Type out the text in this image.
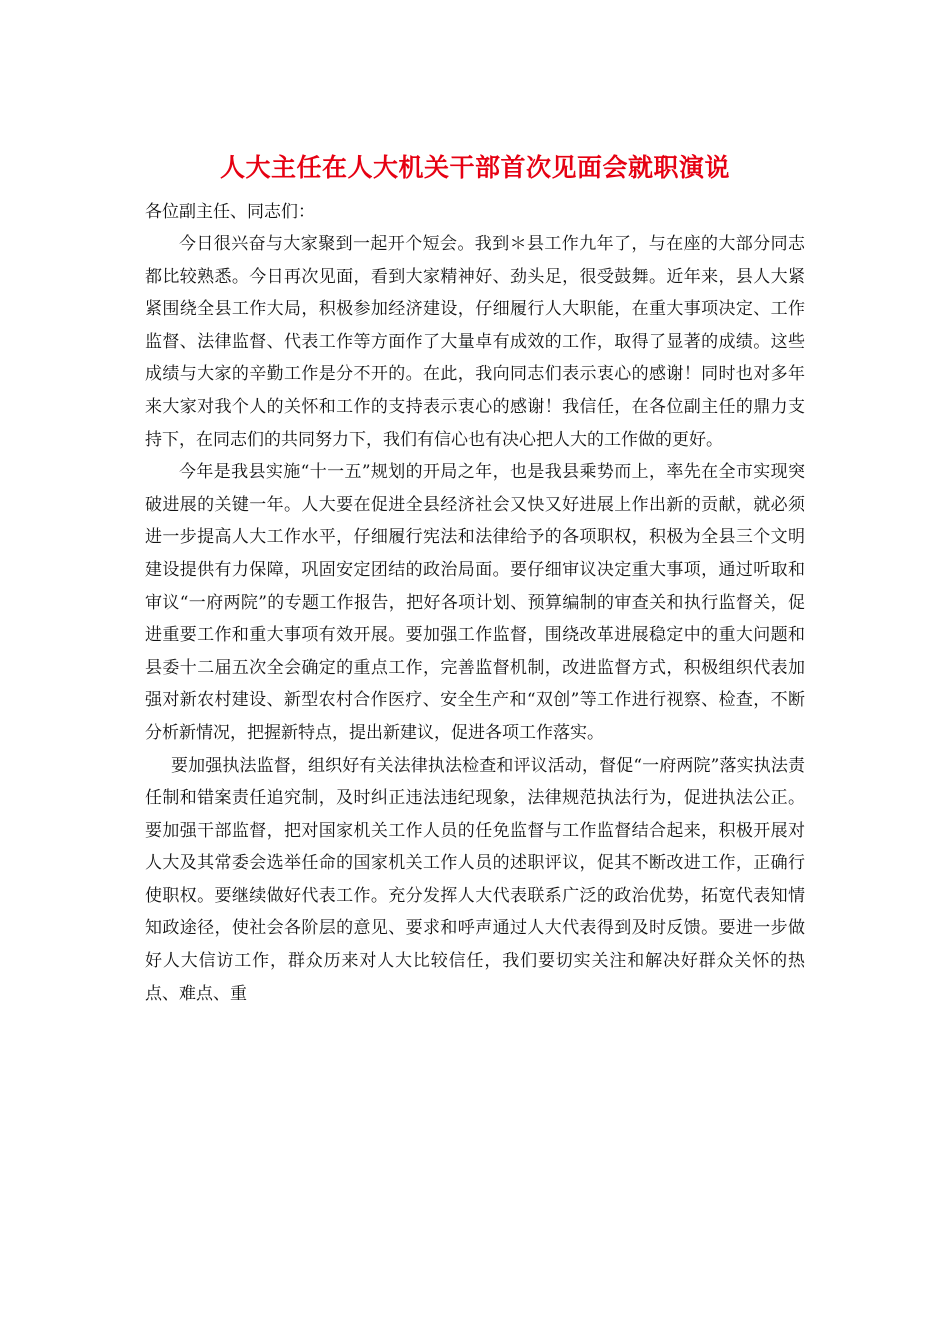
人大主任在人大机关干部首次见面会就职演说

各位副主任、同志们：

今日很兴奋与大家聚到一起开个短会。我到＊县工作九年了，与在座的大部分同志都比较熟悉。今日再次见面，看到大家精神好、劲头足，很受鼓舞。近年来，县人大紧紧围绕全县工作大局，积极参加经济建设，仔细履行人大职能，在重大事项决定、工作监督、法律监督、代表工作等方面作了大量卓有成效的工作，取得了显著的成绩。这些成绩与大家的辛勤工作是分不开的。在此，我向同志们表示衷心的感谢！同时也对多年来大家对我个人的关怀和工作的支持表示衷心的感谢！我信任，在各位副主任的鼎力支持下，在同志们的共同努力下，我们有信心也有决心把人大的工作做的更好。

今年是我县实施“十一五”规划的开局之年，也是我县乘势而上，率先在全市实现突破进展的关键一年。人大要在促进全县经济社会又快又好进展上作出新的贡献，就必须进一步提高人大工作水平，仔细履行宪法和法律给予的各项职权，积极为全县三个文明建设提供有力保障，巩固安定团结的政治局面。要仔细审议决定重大事项，通过听取和审议“一府两院”的专题工作报告，把好各项计划、预算编制的审查关和执行监督关，促进重要工作和重大事项有效开展。要加强工作监督，围绕改革进展稳定中的重大问题和县委十二届五次全会确定的重点工作，完善监督机制，改进监督方式，积极组织代表加强对新农村建设、新型农村合作医疗、安全生产和“双创”等工作进行视察、检查，不断分析新情况，把握新特点，提出新建议，促进各项工作落实。

要加强执法监督，组织好有关法律执法检查和评议活动，督促“一府两院”落实执法责任制和错案责任追究制，及时纠正违法违纪现象，法律规范执法行为，促进执法公正。要加强干部监督，把对国家机关工作人员的任免监督与工作监督结合起来，积极开展对人大及其常委会选举任命的国家机关工作人员的述职评议，促其不断改进工作，正确行使职权。要继续做好代表工作。充分发挥人大代表联系广泛的政治优势，拓宽代表知情知政途径，使社会各阶层的意见、要求和呼声通过人大代表得到及时反馈。要进一步做好人大信访工作，群众历来对人大比较信任，我们要切实关注和解决好群众关怀的热点、难点、重
